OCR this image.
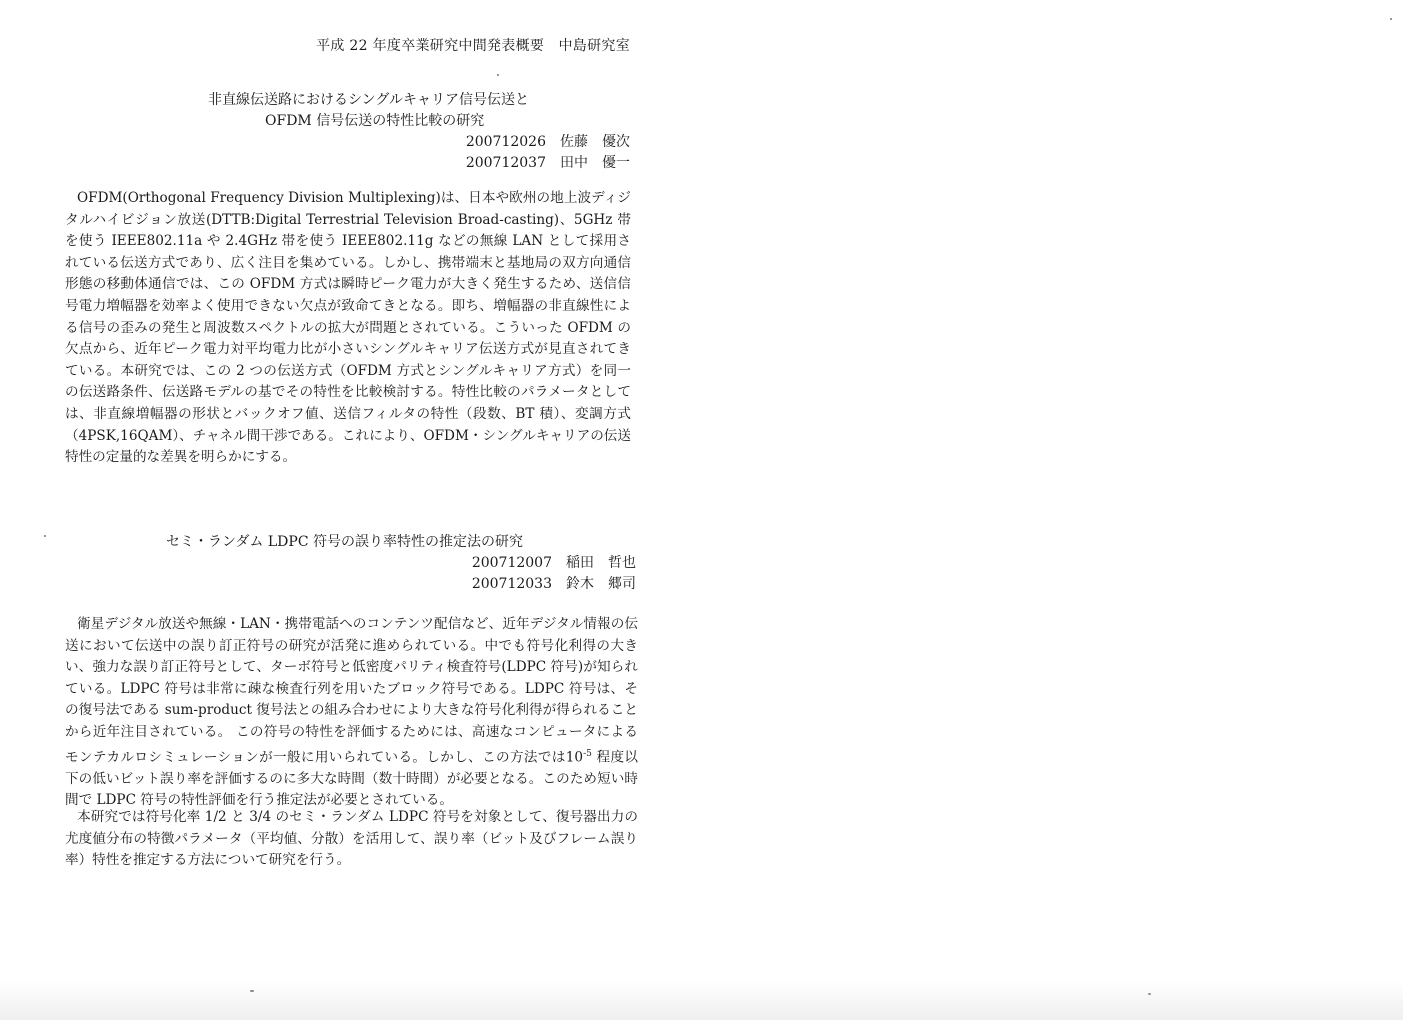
平成 22 年度卒業研究中間発表概要　中島研究室
非直線伝送路におけるシングルキャリア信号伝送と
OFDM 信号伝送の特性比較の研究
200712026　佐藤　優次
200712037　田中　優一

OFDM(Orthogonal Frequency Division Multiplexing)は、日本や欧州の地上波ディジタルハイビジョン放送(DTTB:Digital Terrestrial Television Broad-casting)、5GHz 帯を使う IEEE802.11a や 2.4GHz 帯を使う IEEE802.11g などの無線 LAN として採用されている伝送方式であり、広く注目を集めている。しかし、携帯端末と基地局の双方向通信形態の移動体通信では、この OFDM 方式は瞬時ピーク電力が大きく発生するため、送信信号電力増幅器を効率よく使用できない欠点が致命てきとなる。即ち、増幅器の非直線性による信号の歪みの発生と周波数スペクトルの拡大が問題とされている。こういった OFDM の欠点から、近年ピーク電力対平均電力比が小さいシングルキャリア伝送方式が見直されてきている。本研究では、この 2 つの伝送方式（OFDM 方式とシングルキャリア方式）を同一の伝送路条件、伝送路モデルの基でその特性を比較検討する。特性比較のパラメータとしては、非直線増幅器の形状とバックオフ値、送信フィルタの特性（段数、BT 積）、変調方式（4PSK,16QAM）、チャネル間干渉である。これにより、OFDM・シングルキャリアの伝送特性の定量的な差異を明らかにする。

セミ・ランダム LDPC 符号の誤り率特性の推定法の研究
200712007　稲田　哲也
200712033　鈴木　郷司

衛星デジタル放送や無線・LAN・携帯電話へのコンテンツ配信など、近年デジタル情報の伝送において伝送中の誤り訂正符号の研究が活発に進められている。中でも符号化利得の大きい、強力な誤り訂正符号として、ターボ符号と低密度パリティ検査符号(LDPC 符号)が知られている。LDPC 符号は非常に疎な検査行列を用いたブロック符号である。LDPC 符号は、その復号法である sum-product 復号法との組み合わせにより大きな符号化利得が得られることから近年注目されている。 この符号の特性を評価するためには、高速なコンピュータによるモンテカルロシミュレーションが一般に用いられている。しかし、この方法では$10^{-5}$ 程度以下の低いビット誤り率を評価するのに多大な時間（数十時間）が必要となる。このため短い時間で LDPC 符号の特性評価を行う推定法が必要とされている。

本研究では符号化率 1/2 と 3/4 のセミ・ランダム LDPC 符号を対象として、復号器出力の尤度値分布の特徴パラメータ（平均値、分散）を活用して、誤り率（ビット及びフレーム誤り率）特性を推定する方法について研究を行う。
